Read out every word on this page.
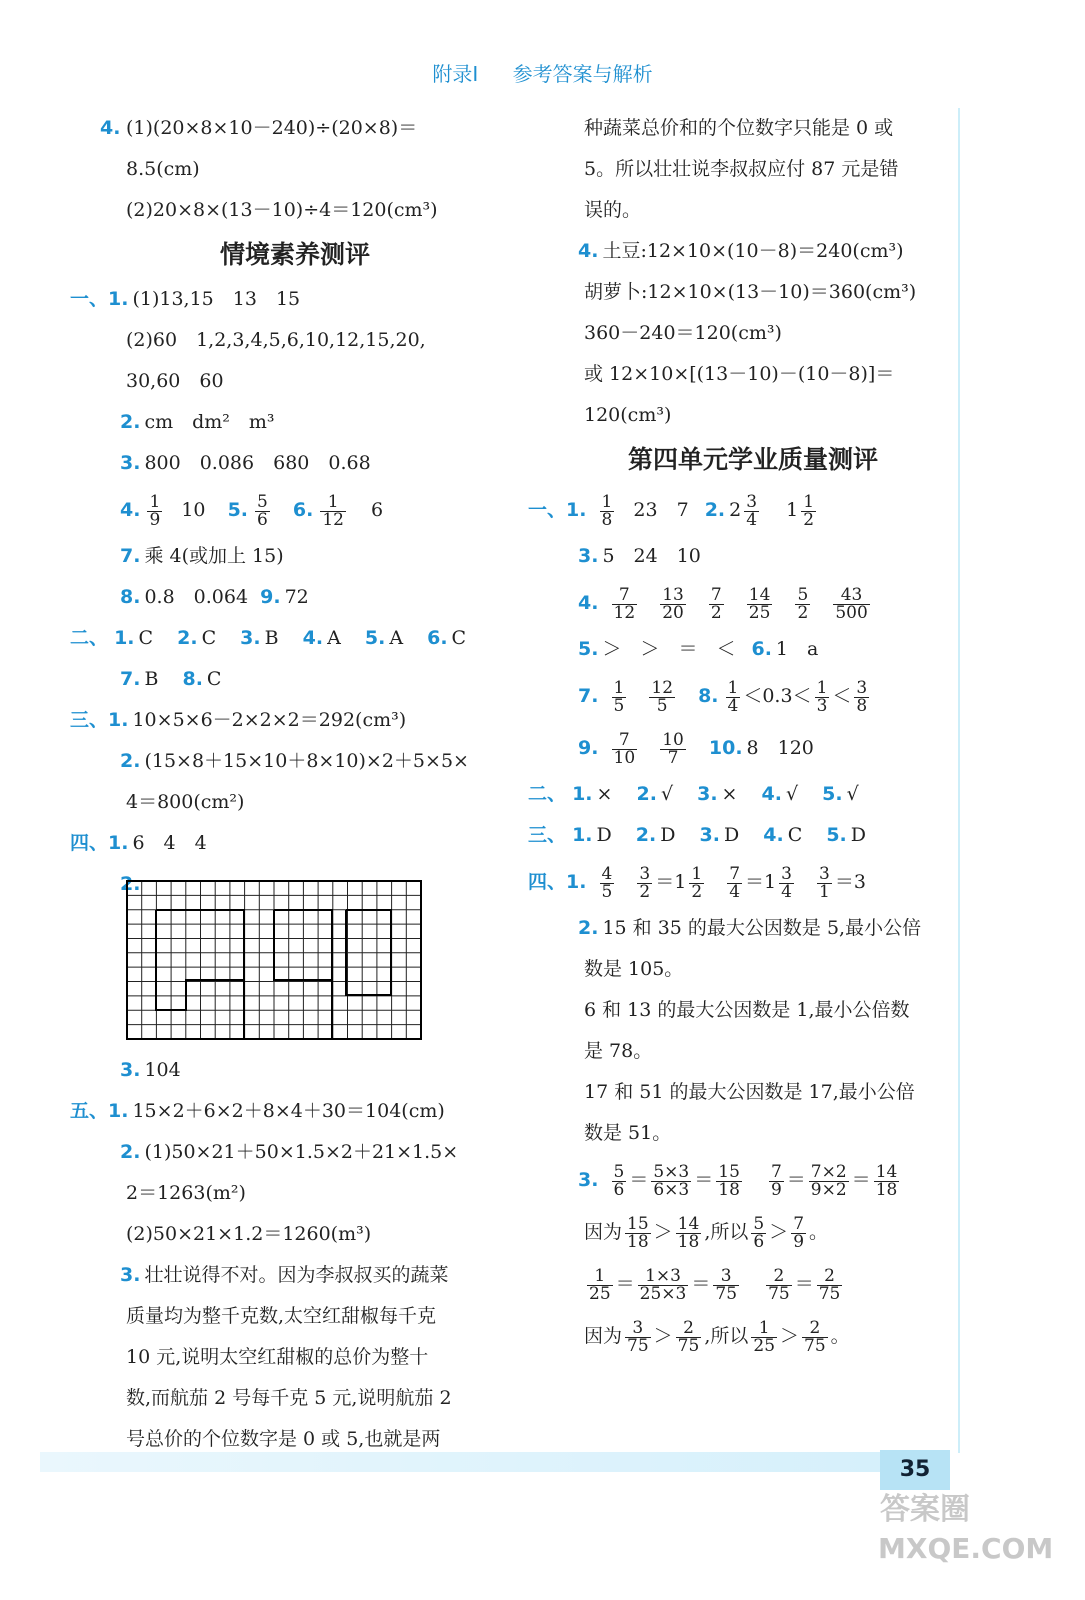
附录Ⅰ 参考答案与解析
4. (1)(20×8×10－240)÷(20×8)＝
8.5(cm)
(2)20×8×(13－10)÷4＝120(cm³)
情境素养测评
一、1. (1)13,15　13　15
(2)60　1,2,3,4,5,6,10,12,15,20,
30,60　60
2. cm　dm²　m³
3. 800　0.086　680　0.68
4. $\frac{1}{9} 10$ 5. $\frac{5}{6} 6$. $\frac{1}{12} 6$
7. 乘 4(或加上 15)
8. 0.8　0.064 9. 72
二、 1. C 2. C 3. B 4. A 5. A 6. C
7. B 8. C
三、1. 10×5×6－2×2×2＝292(cm³)
2. (15×8＋15×10＋8×10)×2＋5×5×
4＝800(cm²)
四、1. 6　4　4
2.
3. 104
五、1. 15×2＋6×2＋8×4＋30＝104(cm)
2. (1)50×21＋50×1.5×2＋21×1.5×
2＝1263(m²)
(2)50×21×1.2＝1260(m³)
3. 壮壮说得不对。因为李叔叔买的蔬菜
质量均为整千克数,太空红甜椒每千克
10 元,说明太空红甜椒的总价为整十
数,而航茄 2 号每千克 5 元,说明航茄 2
号总价的个位数字是 0 或 5,也就是两
种蔬菜总价和的个位数字只能是 0 或
5。所以壮壮说李叔叔应付 87 元是错
误的。
4. 土豆:12×10×(10－8)＝240(cm³)
胡萝卜:12×10×(13－10)＝360(cm³)
360－240＝120(cm³)
或 12×10×[(13－10)－(10－8)]＝
120(cm³)
第四单元学业质量测评
一、1. $\frac{1}{8} 23$　7 2. $2 \frac{3}{4} 1 \frac{1}{2}$
3. 5　24　10
4. $\frac{7}{12}$
$\frac{13}{20}$
$\frac{7}{2}$
$\frac{14}{25}$
$\frac{5}{2}$
$\frac{43}{500}$
5. ＞　＞　＝　＜ 6. 1　a
7. $\frac{1}{5}$
$\frac{12}{5} 8$. $\frac{1}{4} <0.3< \frac{1}{3} < \frac{3}{8}$
9. $\frac{7}{10}$
$\frac{10}{7} 10$. 8　120
二、 1. × 2. √ 3. × 4. √ 5. √
三、 1. D 2. D 3. D 4. C 5. D
四、1. $\frac{4}{5}$
$\frac{3}{2} =1 \frac{1}{2}$
$\frac{7}{4} =1 \frac{3}{4}$
$\frac{3}{1} =3$
2. 15 和 35 的最大公因数是 5,最小公倍
数是 105。
6 和 13 的最大公因数是 1,最小公倍数
是 78。
17 和 51 的最大公因数是 17,最小公倍
数是 51。
3. $\frac{5}{6} = \frac{5\times 3}{6\times 3} = \frac{15}{18}$
$\frac{7}{9} = \frac{7\times 2}{9\times 2} = \frac{14}{18}$
因为 $\frac{15}{18} > \frac{14}{18}$ ,所以 $\frac{5}{6} > \frac{7}{9}$ 。
$\frac{1}{25} = \frac{1\times 3}{25\times 3} = \frac{3}{75}$
$\frac{2}{75} = \frac{2}{75}$
因为 $\frac{3}{75} > \frac{2}{75}$ ,所以 $\frac{1}{25} > \frac{2}{75}$ 。
35
答案圈
MXQE.COM
